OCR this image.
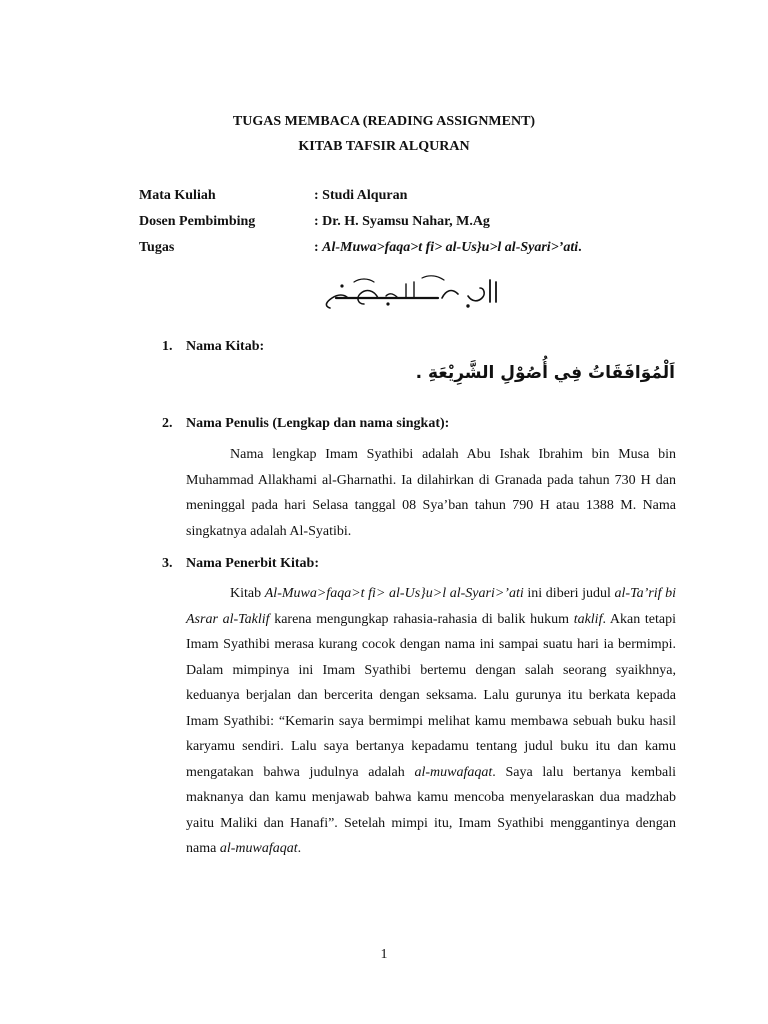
TUGAS MEMBACA (READING ASSIGNMENT)
KITAB TAFSIR ALQURAN
Mata Kuliah	: Studi Alquran
Dosen Pembimbing	: Dr. H. Syamsu Nahar, M.Ag
Tugas	: Al-Muwa>faqa>t fi> al-Us}u>l al-Syari>’ati.
1. Nama Kitab:
اَلْمُوَافَقَاتُ فِي أُصُوْلِ الشَّرِيْعَةِ .
2. Nama Penulis (Lengkap dan nama singkat):

Nama lengkap Imam Syathibi adalah Abu Ishak Ibrahim bin Musa bin Muhammad Allakhami al-Gharnathi. Ia dilahirkan di Granada pada tahun 730 H dan meninggal pada hari Selasa tanggal 08 Sya’ban tahun 790 H atau 1388 M. Nama singkatnya adalah Al-Syatibi.

3. Nama Penerbit Kitab:

Kitab Al-Muwa>faqa>t fi> al-Us}u>l al-Syari>’ati ini diberi judul al-Ta’rif bi Asrar al-Taklif karena mengungkap rahasia-rahasia di balik hukum taklif. Akan tetapi Imam Syathibi merasa kurang cocok dengan nama ini sampai suatu hari ia bermimpi. Dalam mimpinya ini Imam Syathibi bertemu dengan salah seorang syaikhnya, keduanya berjalan dan bercerita dengan seksama. Lalu gurunya itu berkata kepada Imam Syathibi: “Kemarin saya bermimpi melihat kamu membawa sebuah buku hasil karyamu sendiri. Lalu saya bertanya kepadamu tentang judul buku itu dan kamu mengatakan bahwa judulnya adalah al-muwafaqat. Saya lalu bertanya kembali maknanya dan kamu menjawab bahwa kamu mencoba menyelaraskan dua madzhab yaitu Maliki dan Hanafi”. Setelah mimpi itu, Imam Syathibi menggantinya dengan nama al-muwafaqat.

1
